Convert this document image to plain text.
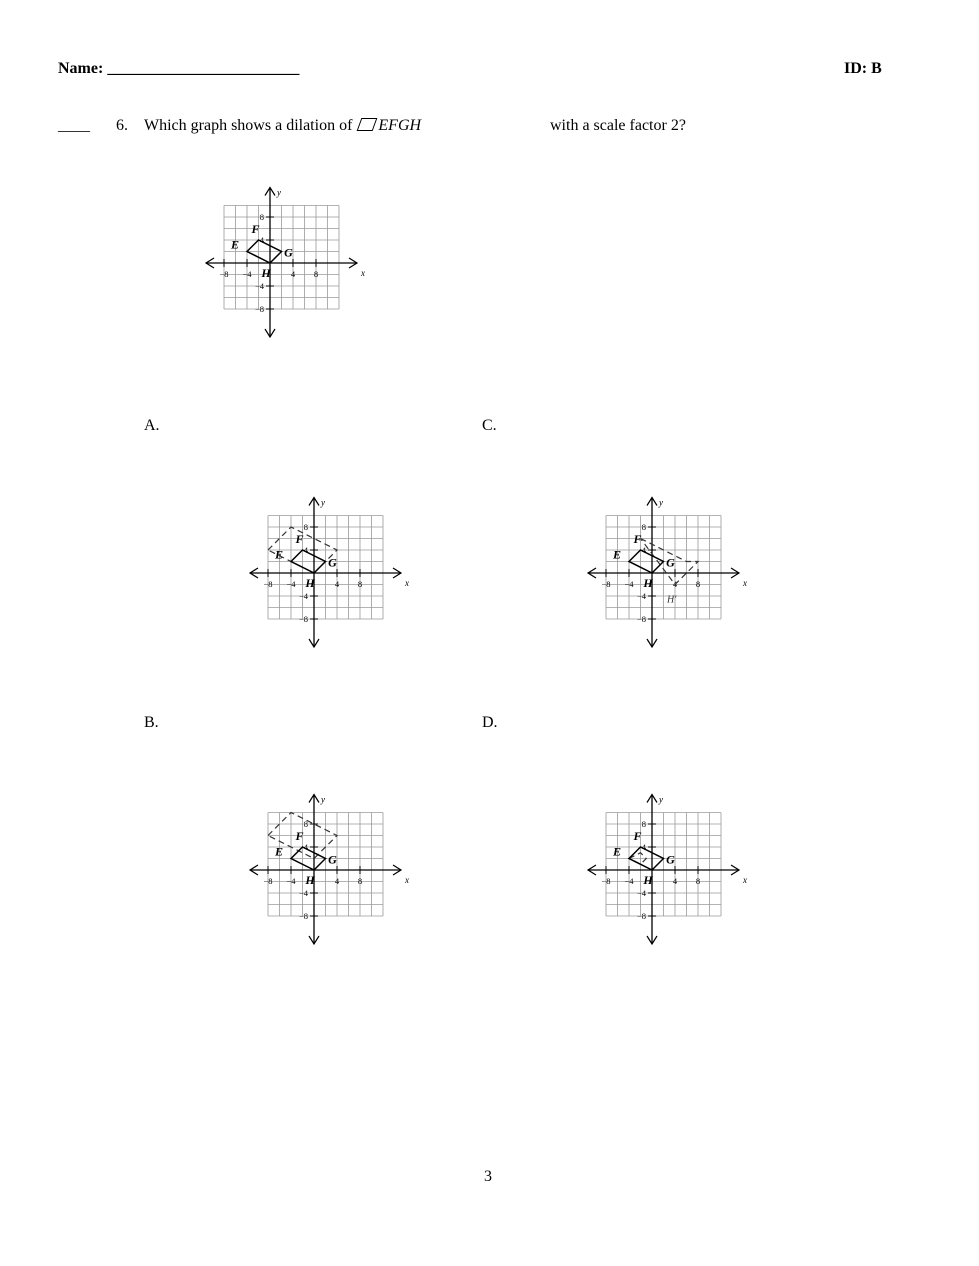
Name: ________________________	ID: B
____ 6. Which graph shows a dilation of EFGH	with a scale factor 2?
x
y
−8
−8
−4
−4
4
4
8
8
E
F
G
H
A.	C.
B.	D.
x
y
−8
−8
−4
−4
4
4
8
8
E
F
G
H	x
y
−8
−8
−4
−4
4
4
8
8
H′
E
F
G
H
x
y
−8
−8
−4
−4
4
4
8
8
E
F
G
H	x
y
−8
−8
−4
−4
4
4
8
8
E
F
G
H
3
